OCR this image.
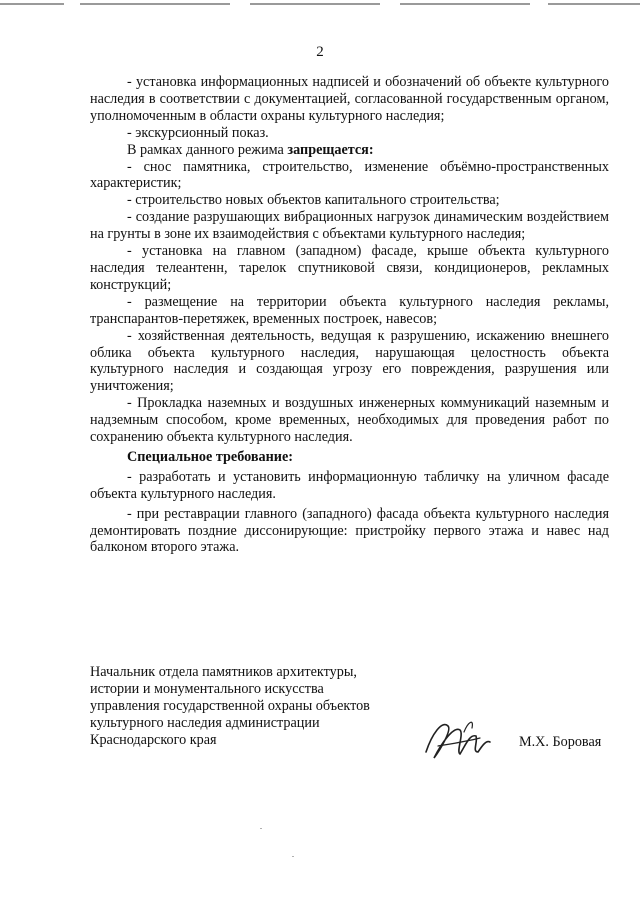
2

- установка информационных надписей и обозначений об объекте культурного наследия в соответствии с документацией, согласованной государственным органом, уполномоченным в области охраны культурного наследия;

- экскурсионный показ.

В рамках данного режима запрещается:

- снос памятника, строительство, изменение объёмно-пространственных характеристик;

- строительство новых объектов капитального строительства;

- создание разрушающих вибрационных нагрузок динамическим воздействием на грунты в зоне их взаимодействия с объектами культурного наследия;

- установка на главном (западном) фасаде, крыше объекта культурного наследия телеантенн, тарелок спутниковой связи, кондиционеров, рекламных конструкций;

- размещение на территории объекта культурного наследия рекламы, транспарантов-перетяжек, временных построек, навесов;

- хозяйственная деятельность, ведущая к разрушению, искажению внешнего облика объекта культурного наследия, нарушающая целостность объекта культурного наследия и создающая угрозу его повреждения, разрушения или уничтожения;

- Прокладка наземных и воздушных инженерных коммуникаций наземным и надземным способом, кроме временных, необходимых для проведения работ по сохранению объекта культурного наследия.

Специальное требование:

- разработать и установить информационную табличку на уличном фасаде объекта культурного наследия.

- при реставрации главного (западного) фасада объекта культурного наследия демонтировать поздние диссонирующие: пристройку первого этажа и навес над балконом второго этажа.

Начальник отдела памятников архитектуры,
истории и монументального искусства
управления государственной охраны объектов
культурного наследия администрации
Краснодарского края	М.Х. Боровая
